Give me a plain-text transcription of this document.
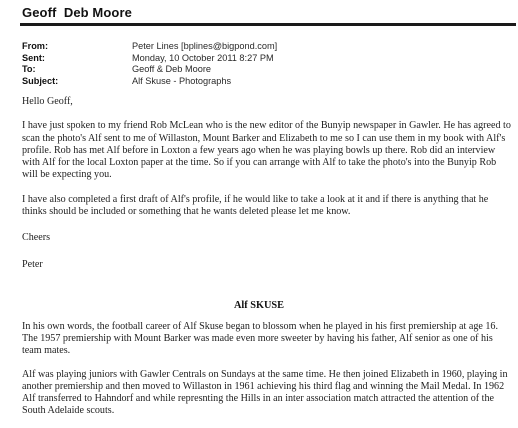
Geoff  Deb Moore
From:	Peter Lines [bplines@bigpond.com]
Sent:	Monday, 10 October 2011 8:27 PM
To:	Geoff & Deb Moore
Subject:	Alf Skuse - Photographs

Hello Geoff,

I have just spoken to my friend Rob McLean who is the new editor of the Bunyip newspaper in Gawler. He has agreed to scan the photo's Alf sent to me of Willaston, Mount Barker and Elizabeth to me so I can use them in my book with Alf's profile. Rob has met Alf before in Loxton a few years ago when he was playing bowls up there. Rob did an interview with Alf for the local Loxton paper at the time. So if you can arrange with Alf to take the photo's into the Bunyip Rob will be expecting you.

I have also completed a first draft of Alf's profile, if he would like to take a look at it and if there is anything that he thinks should be included or something that he wants deleted please let me know.

Cheers

Peter

Alf SKUSE

In his own words, the football career of Alf Skuse began to blossom when he played in his first premiership at age 16. The 1957 premiership with Mount Barker was made even more sweeter by having his father, Alf senior as one of his team mates.

Alf was playing juniors with Gawler Centrals on Sundays at the same time. He then joined Elizabeth in 1960, playing in another premiership and then moved to Willaston in 1961 achieving his third flag and winning the Mail Medal. In 1962 Alf transferred to Hahndorf and while represnting the Hills in an inter association match attracted the attention of the South Adelaide scouts.
